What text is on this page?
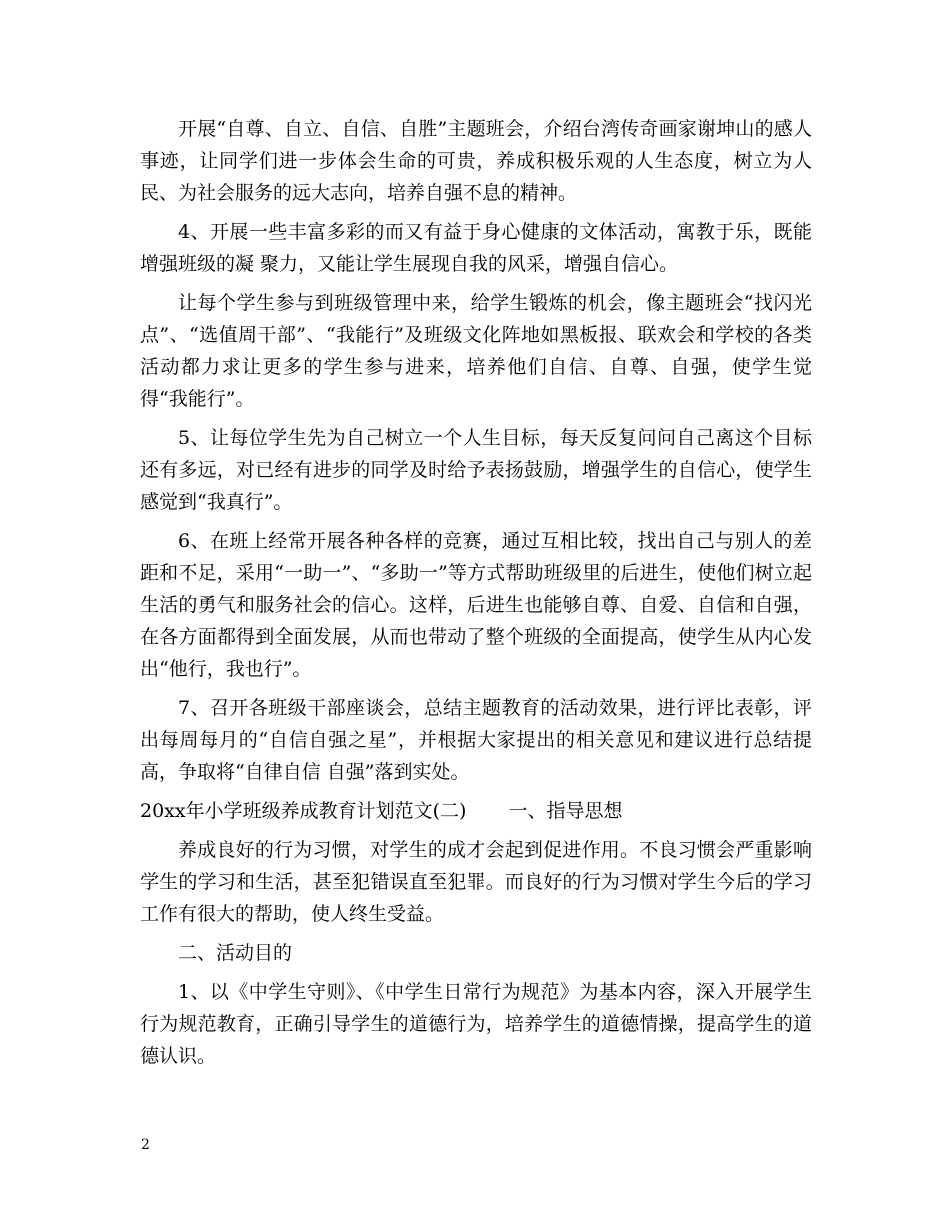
开展“自尊、自立、自信、自胜”主题班会，介绍台湾传奇画家谢坤山的感人事迹，让同学们进一步体会生命的可贵，养成积极乐观的人生态度，树立为人民、为社会服务的远大志向，培养自强不息的精神。

4、开展一些丰富多彩的而又有益于身心健康的文体活动，寓教于乐，既能增强班级的凝 聚力，又能让学生展现自我的风采，增强自信心。

让每个学生参与到班级管理中来，给学生锻炼的机会，像主题班会“找闪光点”、“选值周干部”、“我能行”及班级文化阵地如黑板报、联欢会和学校的各类活动都力求让更多的学生参与进来，培养他们自信、自尊、自强，使学生觉得“我能行”。

5、让每位学生先为自己树立一个人生目标，每天反复问问自己离这个目标还有多远，对已经有进步的同学及时给予表扬鼓励，增强学生的自信心，使学生感觉到“我真行”。

6、在班上经常开展各种各样的竞赛，通过互相比较，找出自己与别人的差距和不足，采用“一助一”、“多助一”等方式帮助班级里的后进生，使他们树立起生活的勇气和服务社会的信心。这样，后进生也能够自尊、自爱、自信和自强，在各方面都得到全面发展，从而也带动了整个班级的全面提高，使学生从内心发出“他行，我也行”。

7、召开各班级干部座谈会，总结主题教育的活动效果，进行评比表彰，评出每周每月的“自信自强之星”，并根据大家提出的相关意见和建议进行总结提高，争取将“自律自信 自强”落到实处。

20xx年小学班级养成教育计划范文(二) 一、指导思想

养成良好的行为习惯，对学生的成才会起到促进作用。不良习惯会严重影响学生的学习和生活，甚至犯错误直至犯罪。而良好的行为习惯对学生今后的学习工作有很大的帮助，使人终生受益。

二、活动目的

1、以《中学生守则》、《中学生日常行为规范》为基本内容，深入开展学生行为规范教育，正确引导学生的道德行为，培养学生的道德情操，提高学生的道德认识。

2
